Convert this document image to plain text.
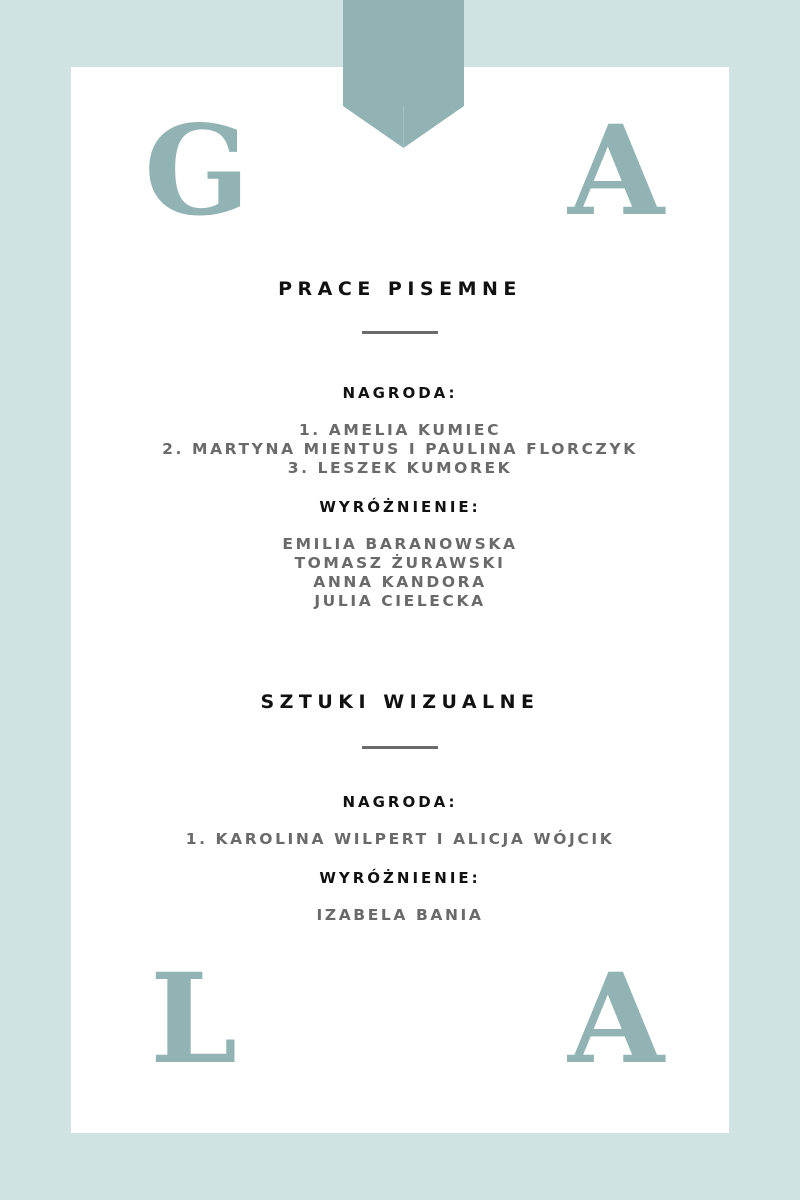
G	A
L	A
PRACE PISEMNE
NAGRODA:
1. AMELIA KUMIEC
2. MARTYNA MIENTUS I PAULINA FLORCZYK
3. LESZEK KUMOREK
WYRÓŻNIENIE:
EMILIA BARANOWSKA
TOMASZ ŻURAWSKI
ANNA KANDORA
JULIA CIELECKA
SZTUKI WIZUALNE
NAGRODA:
1. KAROLINA WILPERT I ALICJA WÓJCIK
WYRÓŻNIENIE:
IZABELA BANIA
